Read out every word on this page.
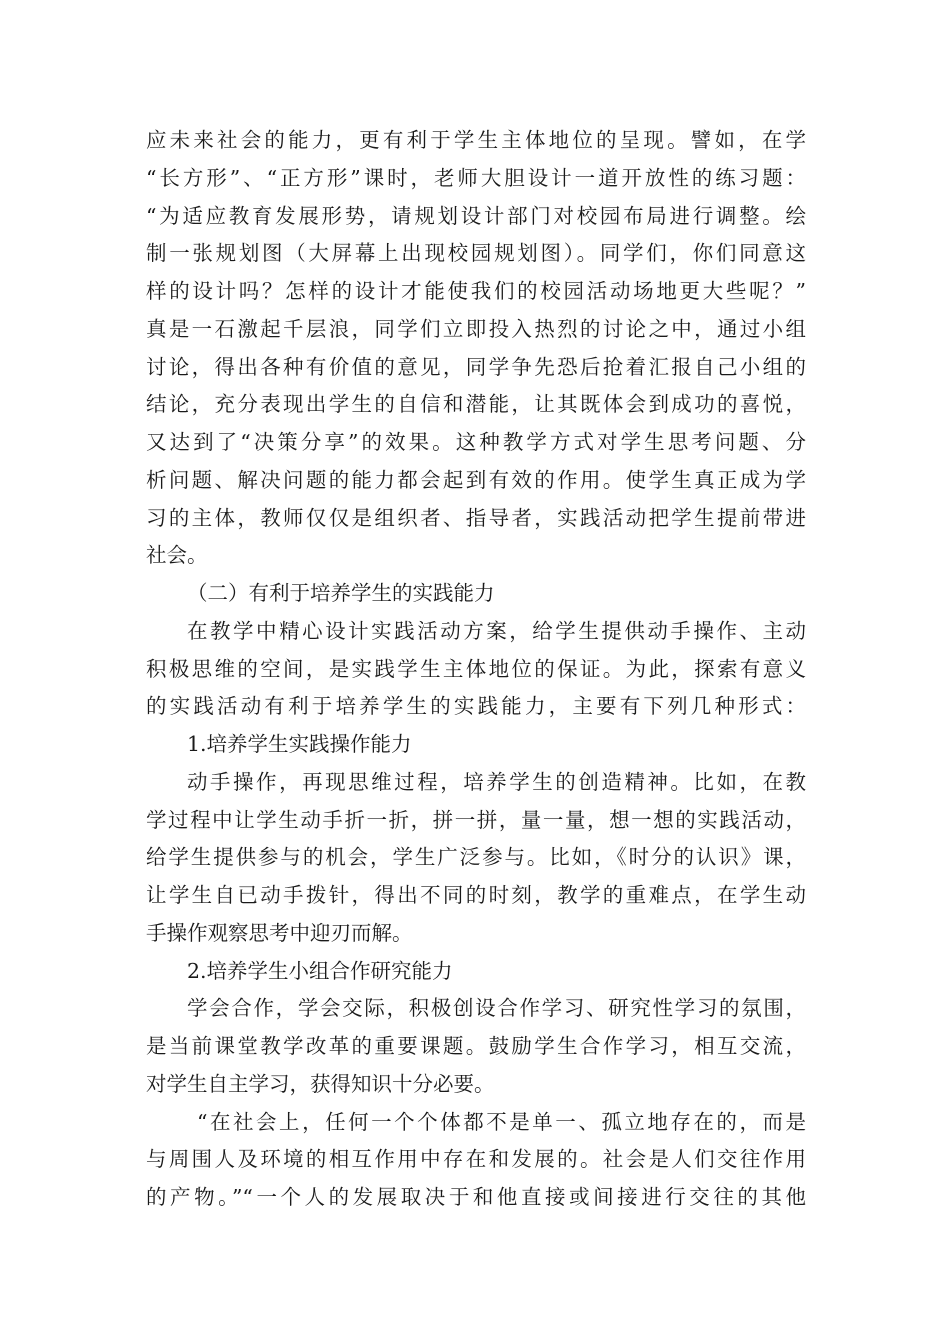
应未来社会的能力，更有利于学生主体地位的呈现。譬如，在学
“长方形”、“正方形”课时，老师大胆设计一道开放性的练习题：
“为适应教育发展形势，请规划设计部门对校园布局进行调整。绘
制一张规划图（大屏幕上出现校园规划图）。同学们，你们同意这
样的设计吗？怎样的设计才能使我们的校园活动场地更大些呢？”
真是一石激起千层浪，同学们立即投入热烈的讨论之中，通过小组
讨论，得出各种有价值的意见，同学争先恐后抢着汇报自己小组的
结论，充分表现出学生的自信和潜能，让其既体会到成功的喜悦，
又达到了“决策分享”的效果。这种教学方式对学生思考问题、分
析问题、解决问题的能力都会起到有效的作用。使学生真正成为学
习的主体，教师仅仅是组织者、指导者，实践活动把学生提前带进
社会。
（二）有利于培养学生的实践能力
在教学中精心设计实践活动方案，给学生提供动手操作、主动
积极思维的空间，是实践学生主体地位的保证。为此，探索有意义
的实践活动有利于培养学生的实践能力，主要有下列几种形式：
1.培养学生实践操作能力
动手操作，再现思维过程，培养学生的创造精神。比如，在教
学过程中让学生动手折一折，拼一拼，量一量，想一想的实践活动，
给学生提供参与的机会，学生广泛参与。比如，《时分的认识》课，
让学生自已动手拨针，得出不同的时刻，教学的重难点，在学生动
手操作观察思考中迎刃而解。
2.培养学生小组合作研究能力
学会合作，学会交际，积极创设合作学习、研究性学习的氛围，
是当前课堂教学改革的重要课题。鼓励学生合作学习，相互交流，
对学生自主学习，获得知识十分必要。
“在社会上，任何一个个体都不是单一、孤立地存在的，而是
与周围人及环境的相互作用中存在和发展的。社会是人们交往作用
的产物。”“一个人的发展取决于和他直接或间接进行交往的其他
